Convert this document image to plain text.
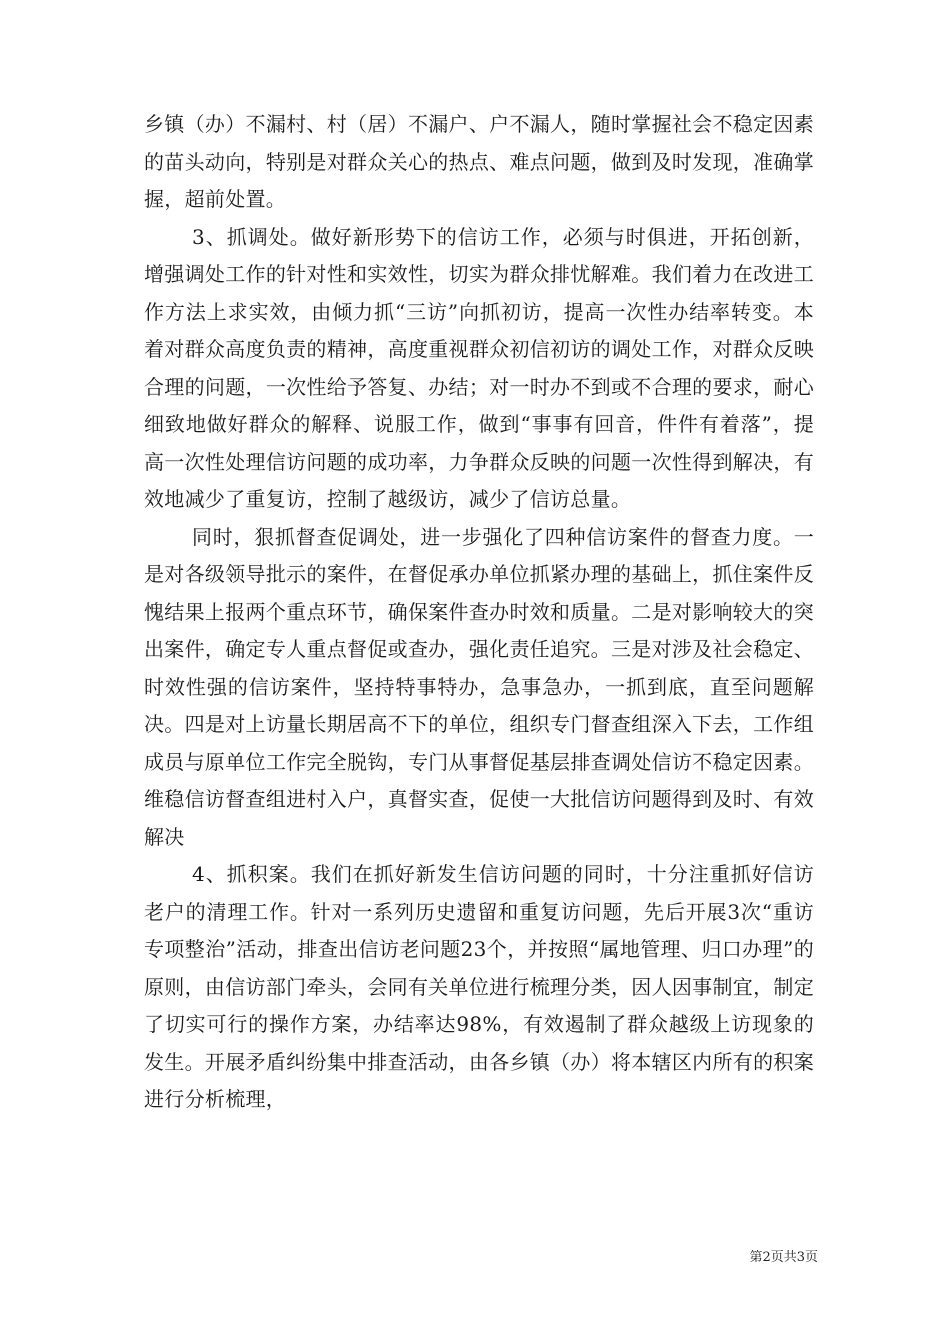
乡镇（办）不漏村、村（居）不漏户、户不漏人，随时掌握社会不稳定因素的苗头动向，特别是对群众关心的热点、难点问题，做到及时发现，准确掌握，超前处置。

3、抓调处。做好新形势下的信访工作，必须与时俱进，开拓创新，增强调处工作的针对性和实效性，切实为群众排忧解难。我们着力在改进工作方法上求实效，由倾力抓“三访”向抓初访，提高一次性办结率转变。本着对群众高度负责的精神，高度重视群众初信初访的调处工作，对群众反映合理的问题，一次性给予答复、办结；对一时办不到或不合理的要求，耐心细致地做好群众的解释、说服工作，做到“事事有回音，件件有着落”，提高一次性处理信访问题的成功率，力争群众反映的问题一次性得到解决，有效地减少了重复访，控制了越级访，减少了信访总量。

同时，狠抓督查促调处，进一步强化了四种信访案件的督查力度。一是对各级领导批示的案件，在督促承办单位抓紧办理的基础上，抓住案件反愧结果上报两个重点环节，确保案件查办时效和质量。二是对影响较大的突出案件，确定专人重点督促或查办，强化责任追究。三是对涉及社会稳定、时效性强的信访案件，坚持特事特办，急事急办，一抓到底，直至问题解决。四是对上访量长期居高不下的单位，组织专门督查组深入下去，工作组成员与原单位工作完全脱钩，专门从事督促基层排查调处信访不稳定因素。维稳信访督查组进村入户，真督实查，促使一大批信访问题得到及时、有效解决

4、抓积案。我们在抓好新发生信访问题的同时，十分注重抓好信访老户的清理工作。针对一系列历史遗留和重复访问题，先后开展3次“重访专项整治”活动，排查出信访老问题23个，并按照“属地管理、归口办理”的原则，由信访部门牵头，会同有关单位进行梳理分类，因人因事制宜，制定了切实可行的操作方案，办结率达98%，有效遏制了群众越级上访现象的发生。开展矛盾纠纷集中排查活动，由各乡镇（办）将本辖区内所有的积案进行分析梳理，

第2页共3页
